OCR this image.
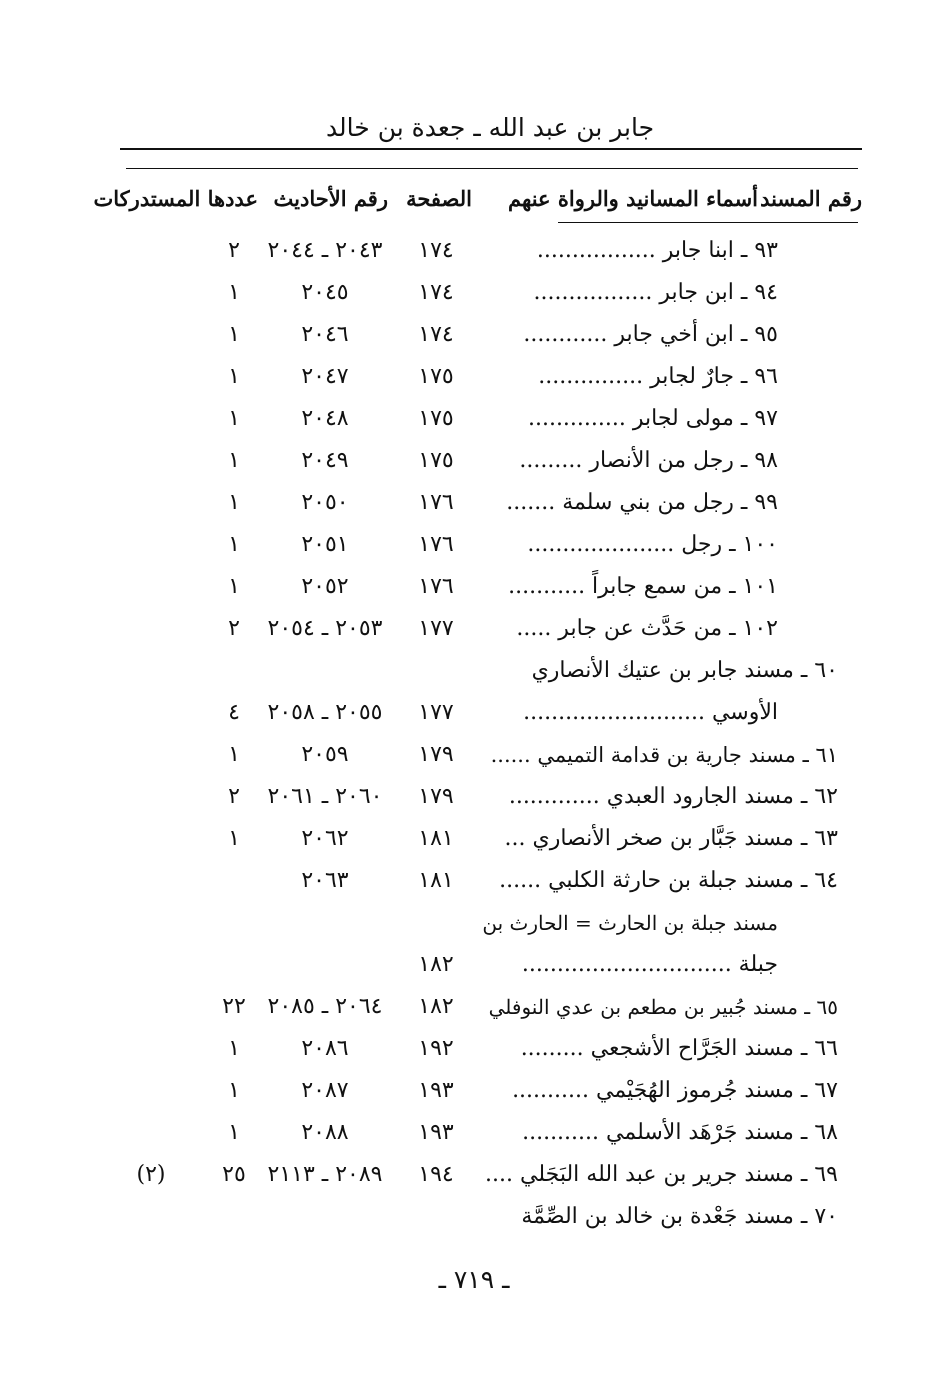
جابر بن عبد الله ـ جعدة بن خالد
رقم المسند
أسماء المسانيد والرواة عنهم
الصفحة
رقم الأحاديث
عددها المستدركات
٩٣ ـ ابنا جابر .................
١٧٤
٢٠٤٣ ـ ٢٠٤٤
٢
٩٤ ـ ابن جابر .................
١٧٤
٢٠٤٥
١
٩٥ ـ ابن أخي جابر ............
١٧٤
٢٠٤٦
١
٩٦ ـ جارٌ لجابر ...............
١٧٥
٢٠٤٧
١
٩٧ ـ مولى لجابر ..............
١٧٥
٢٠٤٨
١
٩٨ ـ رجل من الأنصار .........
١٧٥
٢٠٤٩
١
٩٩ ـ رجل من بني سلمة .......
١٧٦
٢٠٥٠
١
١٠٠ ـ رجل .....................
١٧٦
٢٠٥١
١
١٠١ ـ من سمع جابراً ...........
١٧٦
٢٠٥٢
١
١٠٢ ـ من حَدَّث عن جابر .....
١٧٧
٢٠٥٣ ـ ٢٠٥٤
٢
٦٠ ـ مسند جابر بن عتيك الأنصاري
الأوسي ..........................
١٧٧
٢٠٥٥ ـ ٢٠٥٨
٤
٦١ ـ مسند جارية بن قدامة التميمي ......
١٧٩
٢٠٥٩
١
٦٢ ـ مسند الجارود العبدي .............
١٧٩
٢٠٦٠ ـ ٢٠٦١
٢
٦٣ ـ مسند جَبَّار بن صخر الأنصاري ...
١٨١
٢٠٦٢
١
٦٤ ـ مسند جبلة بن حارثة الكلبي ......
١٨١
٢٠٦٣
مسند جبلة بن الحارث = الحارث بن
جبلة ..............................
١٨٢
٦٥ ـ مسند جُبير بن مطعم بن عدي النوفلي
١٨٢
٢٠٦٤ ـ ٢٠٨٥
٢٢
٦٦ ـ مسند الجَرَّاح الأشجعي .........
١٩٢
٢٠٨٦
١
٦٧ ـ مسند جُرموز الهُجَيْمي ...........
١٩٣
٢٠٨٧
١
٦٨ ـ مسند جَرْهَد الأسلمي ...........
١٩٣
٢٠٨٨
١
٦٩ ـ مسند جرير بن عبد الله البَجَلي ....
١٩٤
٢٠٨٩ ـ ٢١١٣
٢٥
(٢)
٧٠ ـ مسند جَعْدة بن خالد بن الصِّمَّة
ـ ٧١٩ ـ
